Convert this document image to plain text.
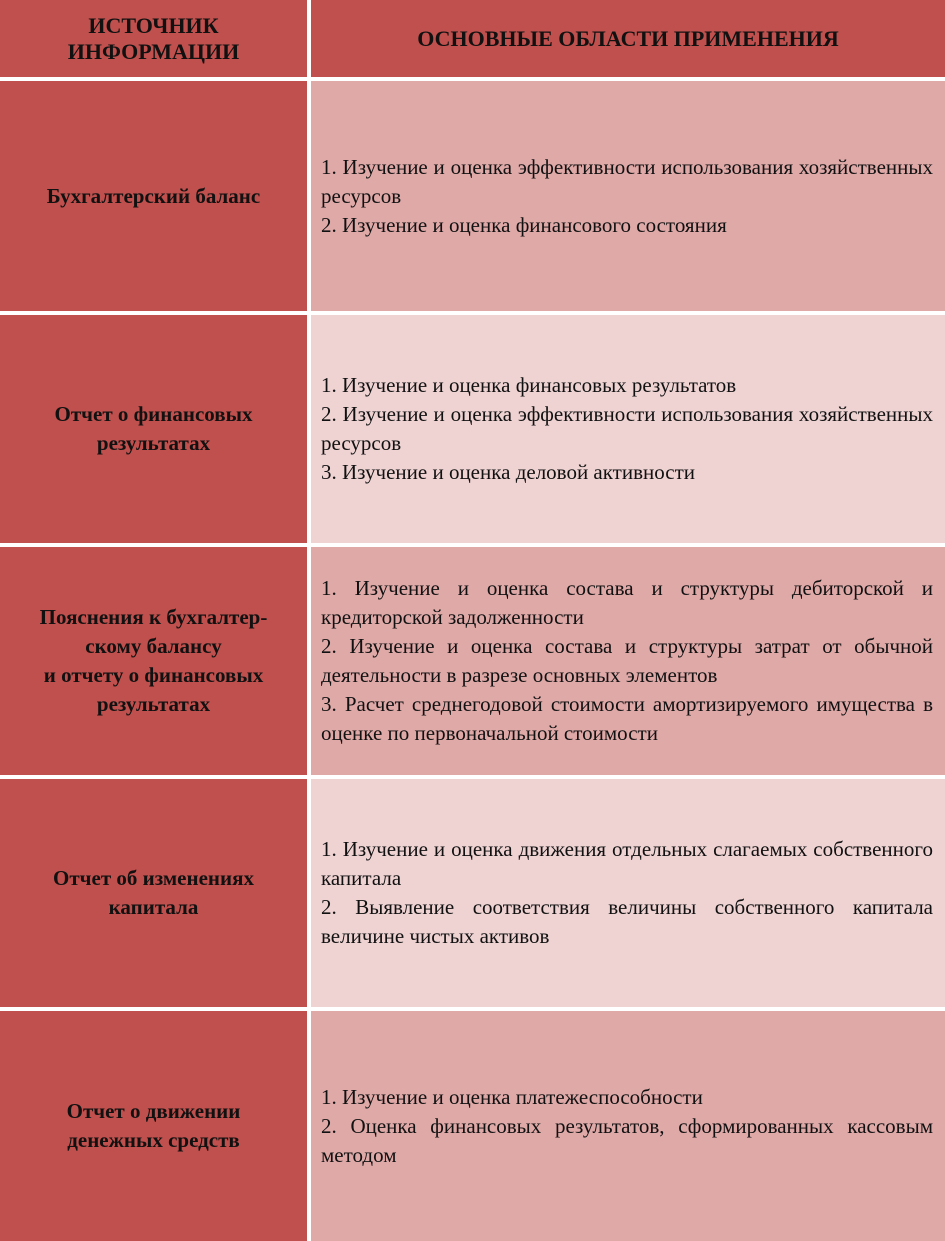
ИСТОЧНИК
ИНФОРМАЦИИ
ОСНОВНЫЕ ОБЛАСТИ ПРИМЕНЕНИЯ
Бухгалтерский баланс
1. Изучение и оценка эффективности использования хозяйственных ресурсов
2. Изучение и оценка финансового состояния
Отчет о финансовых
результатах
1. Изучение и оценка финансовых результатов
2. Изучение и оценка эффективности использования хозяйственных ресурсов
3. Изучение и оценка деловой активности
Пояснения к бухгалтер-
скому балансу
и отчету о финансовых
результатах
1. Изучение и оценка состава и структуры дебиторской и кредиторской задолженности
2. Изучение и оценка состава и структуры затрат от обычной деятельности в разрезе основных элементов
3. Расчет среднегодовой стоимости амортизируемого имущества в оценке по первоначальной стоимости
Отчет об изменениях
капитала
1. Изучение и оценка движения отдельных слагаемых собственного капитала
2. Выявление соответствия величины собственного капитала величине чистых активов
Отчет о движении
денежных средств
1. Изучение и оценка платежеспособности
2. Оценка финансовых результатов, сформированных кассовым методом
